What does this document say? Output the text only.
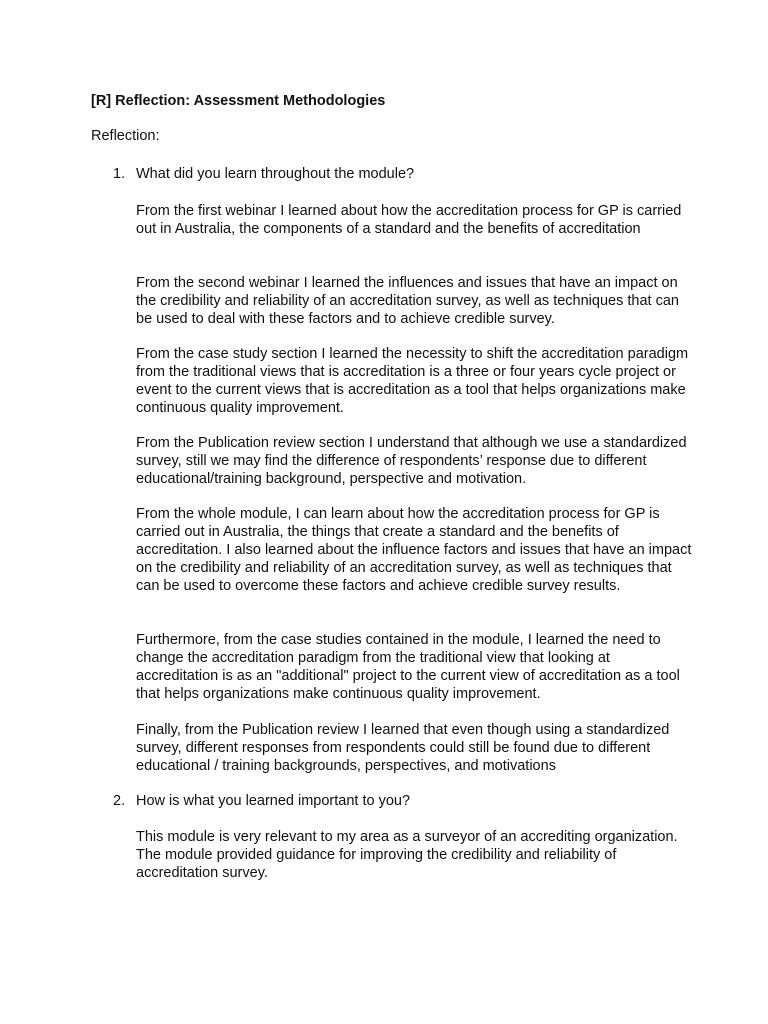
[R] Reflection: Assessment Methodologies

Reflection:

1. What did you learn throughout the module?

From the first webinar I learned about how the accreditation process for GP is carried out in Australia, the components of a standard and the benefits of accreditation

From the second webinar I learned the influences and issues that have an impact on the credibility and reliability of an accreditation survey, as well as techniques that can be used to deal with these factors and to achieve credible survey.

From the case study section I learned the necessity to shift the accreditation paradigm from the traditional views that is accreditation is a three or four years cycle project or event to the current views that is accreditation as a tool that helps organizations make continuous quality improvement.

From the Publication review section I understand that although we use a standardized survey, still we may find the difference of respondents’ response due to different educational/training background, perspective and motivation.

From the whole module, I can learn about how the accreditation process for GP is carried out in Australia, the things that create a standard and the benefits of accreditation. I also learned about the influence factors and issues that have an impact on the credibility and reliability of an accreditation survey, as well as techniques that can be used to overcome these factors and achieve credible survey results.

Furthermore, from the case studies contained in the module, I learned the need to change the accreditation paradigm from the traditional view that looking at accreditation is as an "additional" project to the current view of accreditation as a tool that helps organizations make continuous quality improvement.

Finally, from the Publication review I learned that even though using a standardized survey, different responses from respondents could still be found due to different educational / training backgrounds, perspectives, and motivations

2. How is what you learned important to you?

This module is very relevant to my area as a surveyor of an accrediting organization. The module provided guidance for improving the credibility and reliability of accreditation survey.
